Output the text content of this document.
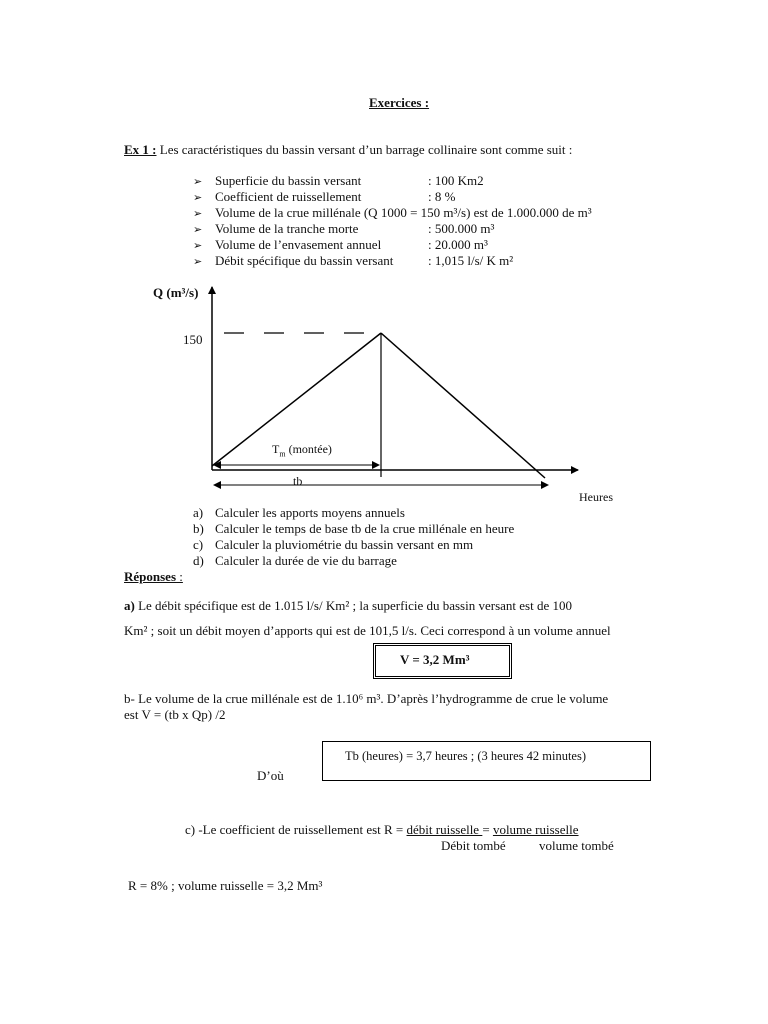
Exercices :
Ex 1 : Les caractéristiques du bassin versant d’un barrage collinaire sont comme suit :
➢ Superficie du bassin versant	: 100 Km2
➢ Coefficient de ruissellement	: 8 %
➢ Volume de la crue millénale (Q 1000 = 150 m³/s) est de 1.000.000 de m³
➢ Volume de la tranche morte	: 500.000 m³
➢ Volume de l’envasement annuel	: 20.000 m³
➢ Débit spécifique du bassin versant	: 1,015 l/s/ K m²
Q (m³/s)
150
$T_m$ (montée)
tb
Heures
a) Calculer les apports moyens annuels
b) Calculer le temps de base tb de la crue millénale en heure
c) Calculer la pluviométrie du bassin versant en mm
d) Calculer la durée de vie du barrage
Réponses :
a) Le débit spécifique est de 1.015 l/s/ Km² ; la superficie du bassin versant est de 100
Km² ; soit un débit moyen d’apports qui est de 101,5 l/s. Ceci correspond à un volume annuel
V = 3,2 Mm³
b- Le volume de la crue millénale est de 1.10⁶ m³. D’après l’hydrogramme de crue le volume
est V = (tb x Qp) /2
Tb (heures) = 3,7 heures ; (3 heures 42 minutes)
D’où
c) -Le coefficient de ruissellement est R = débit ruisselle = volume ruisselle
Débit tombé	volume tombé
R = 8% ; volume ruisselle = 3,2 Mm³
